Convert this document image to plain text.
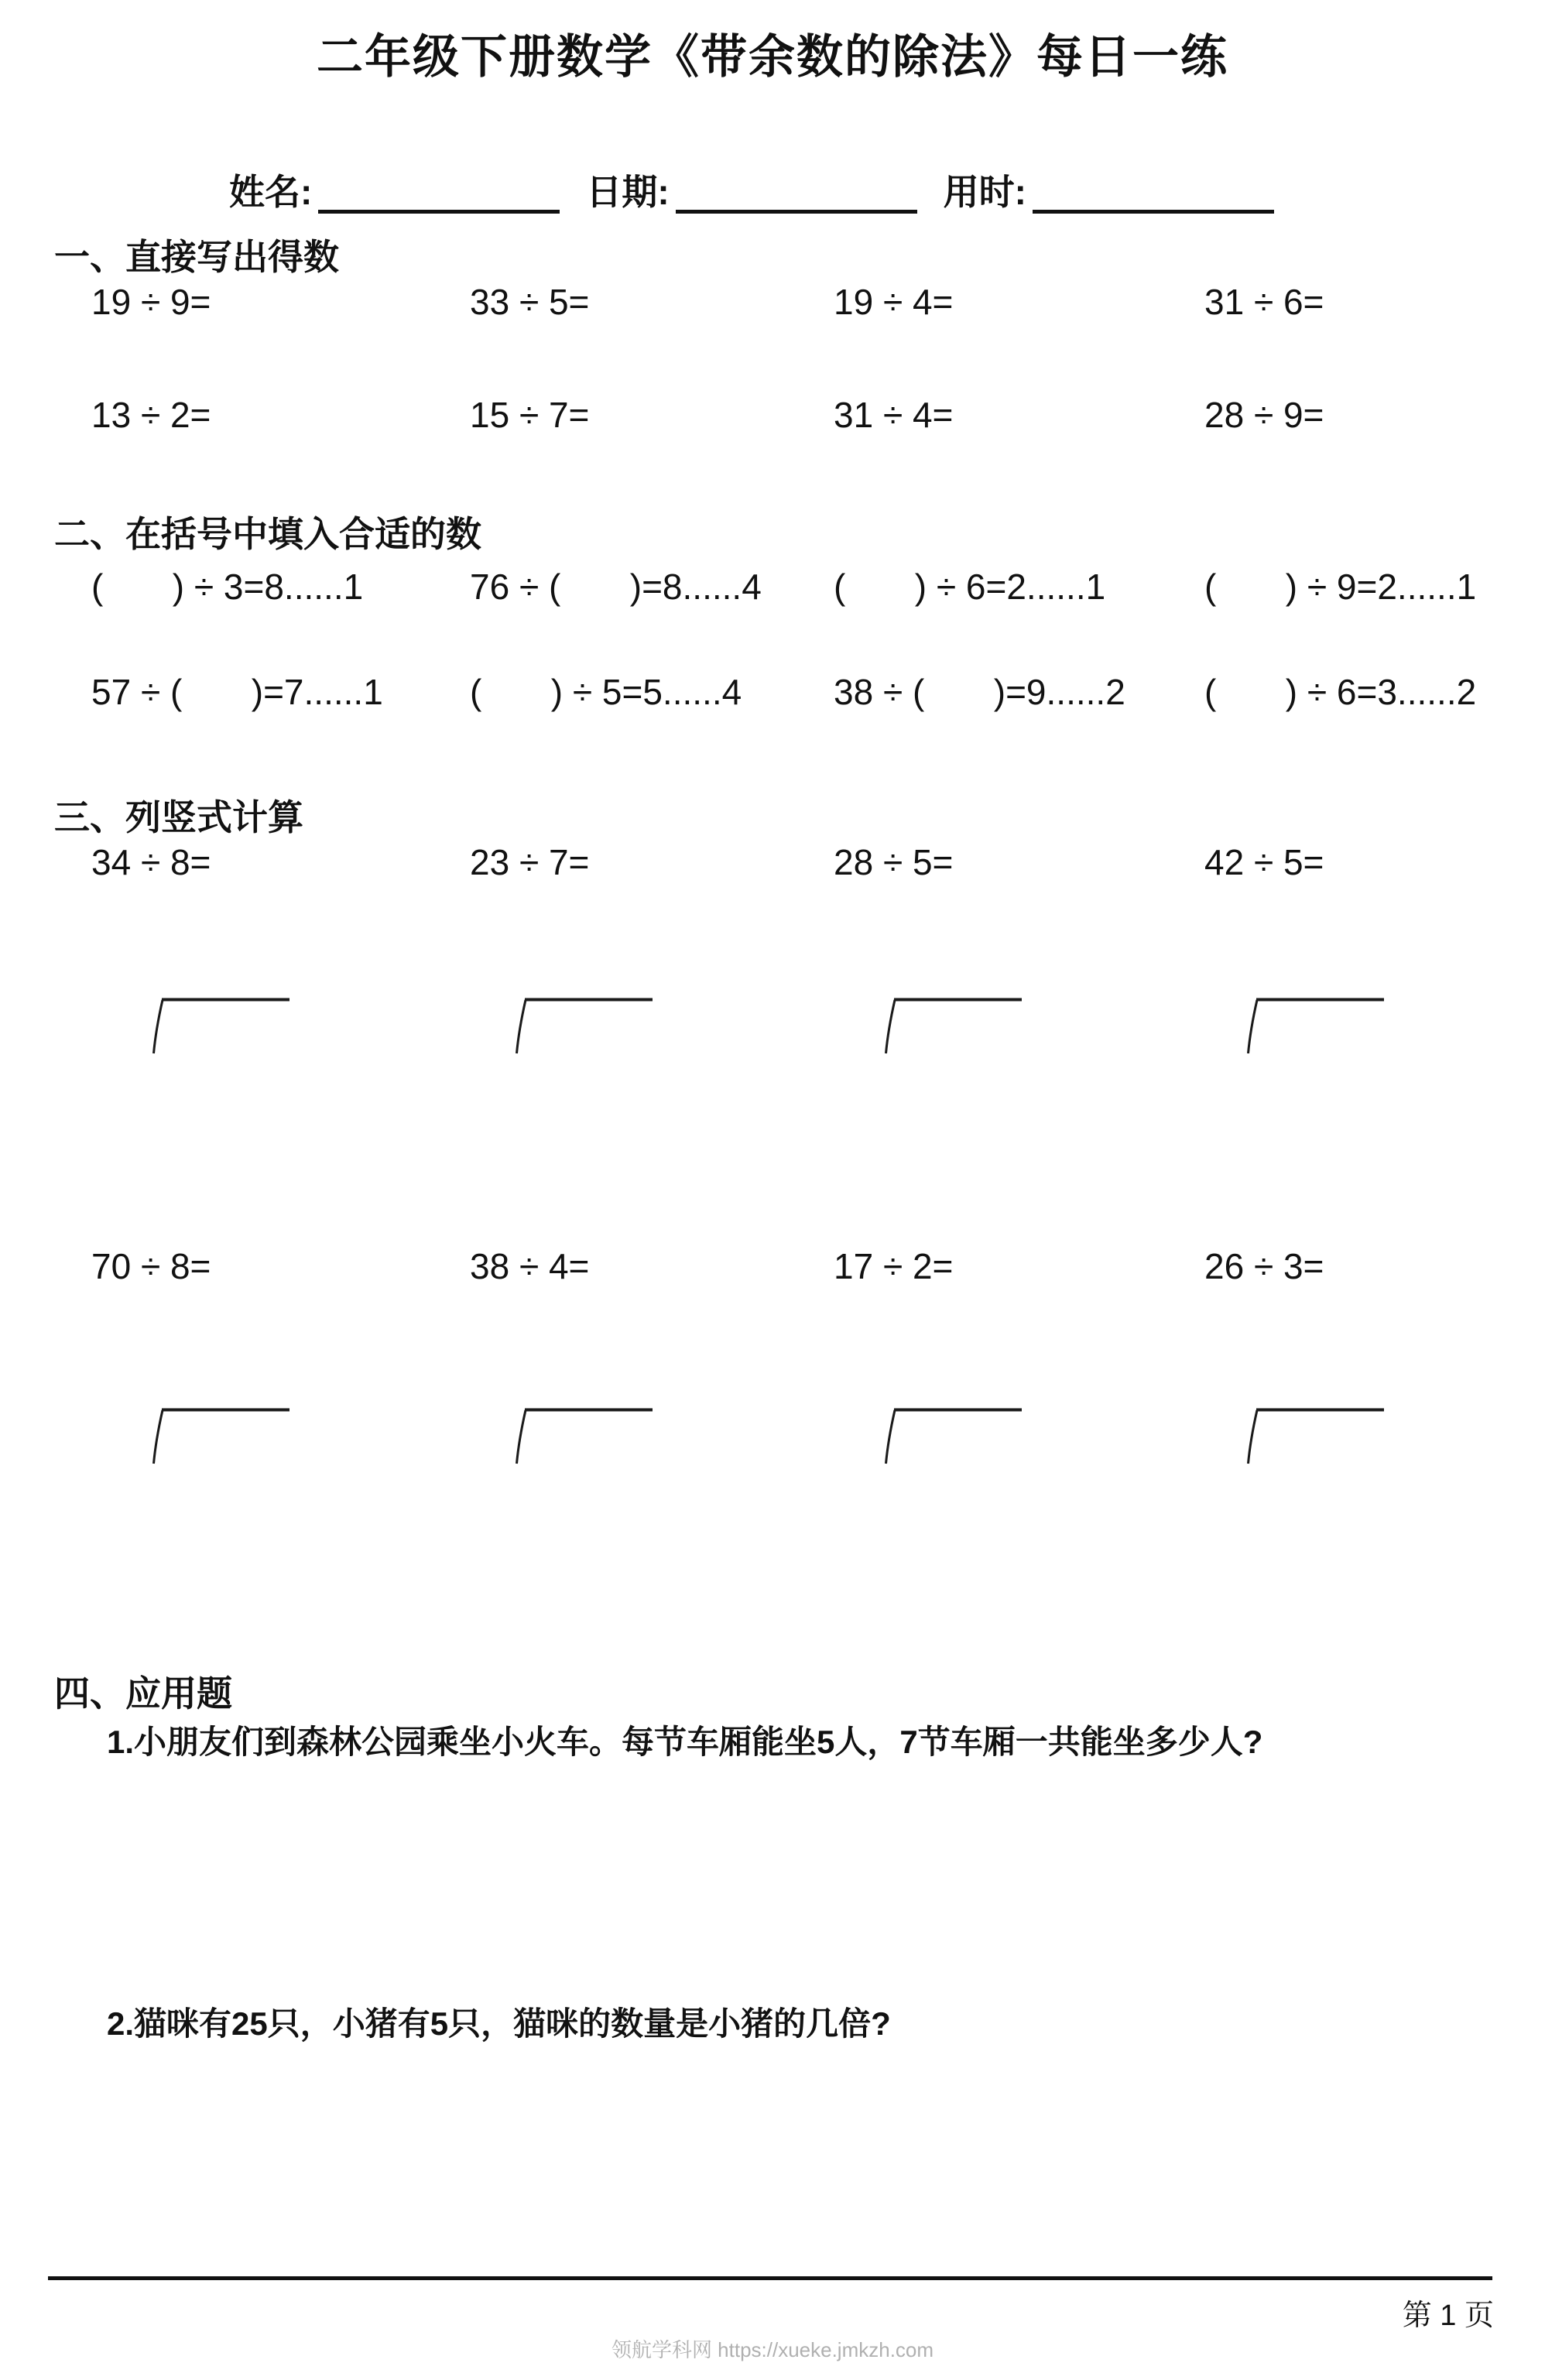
二年级下册数学《带余数的除法》每日一练
姓名:	日期:	用时:
一、直接写出得数
19 ÷ 9=	33 ÷ 5=	19 ÷ 4=	31 ÷ 6=
13 ÷ 2=	15 ÷ 7=	31 ÷ 4=	28 ÷ 9=
二、在括号中填入合适的数
(       ) ÷ 3=8......1	76 ÷ (       )=8......4	(       ) ÷ 6=2......1	(       ) ÷ 9=2......1
57 ÷ (       )=7......1	(       ) ÷ 5=5......4	38 ÷ (       )=9......2	(       ) ÷ 6=3......2
三、列竖式计算
34 ÷ 8=	23 ÷ 7=	28 ÷ 5=	42 ÷ 5=
70 ÷ 8=	38 ÷ 4=	17 ÷ 2=	26 ÷ 3=
四、应用题
1.小朋友们到森林公园乘坐小火车。每节车厢能坐5人，7节车厢一共能坐多少人?
2.猫咪有25只，小猪有5只，猫咪的数量是小猪的几倍?
第 1 页
领航学科网 https://xueke.jmkzh.com
